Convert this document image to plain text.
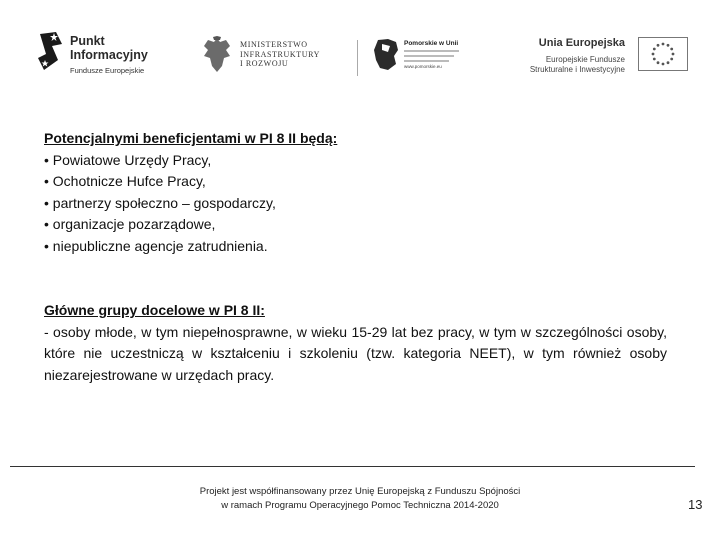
Punkt
Informacyjny
Fundusze Europejskie
MINISTERSTWO
INFRASTRUKTURY
I ROZWOJU
Pomorskie w Unii
www.pomorskie.eu
Unia Europejska
Europejskie Fundusze
Strukturalne i Inwestycyjne
Potencjalnymi beneficjentami w PI 8 II będą:
• Powiatowe Urzędy Pracy,
• Ochotnicze Hufce Pracy,
• partnerzy społeczno – gospodarczy,
• organizacje pozarządowe,
• niepubliczne agencje zatrudnienia.
Główne grupy docelowe w PI 8 II:
- osoby młode, w tym niepełnosprawne, w wieku 15-29 lat bez pracy, w tym w szczególności osoby, które nie uczestniczą w kształceniu i szkoleniu (tzw. kategoria NEET), w tym również osoby niezarejestrowane w urzędach pracy.
Projekt jest współfinansowany przez Unię Europejską z Funduszu Spójności
w ramach Programu Operacyjnego Pomoc Techniczna 2014-2020	13
